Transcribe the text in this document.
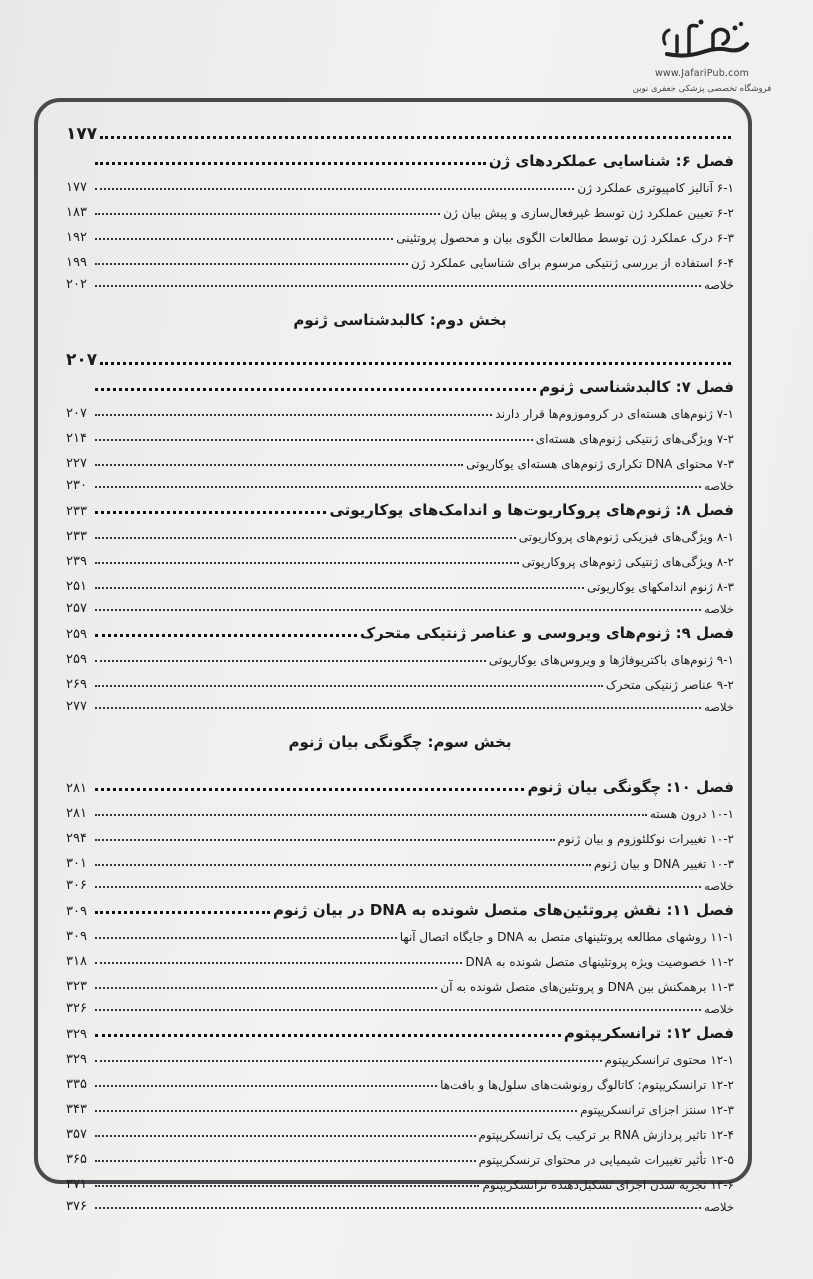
www.JafariPub.com
فروشگاه تخصصی پزشکی جعفری نوین
۱۷۷
فصل ۶: شناسایی عملکردهای ژن
۶-۱ آنالیز کامپیوتری عملکرد ژن
۱۷۷
۶-۲ تعیین عملکرد ژن توسط غیرفعال‌سازی و پیش بیان ژن
۱۸۳
۶-۳ درک عملکرد ژن توسط مطالعات الگوی بیان و محصول پروتئینی
۱۹۲
۶-۴ استفاده از بررسی ژنتیکی مرسوم برای شناسایی عملکرد ژن
۱۹۹
خلاصه
۲۰۲
بخش دوم: کالبدشناسی ژنوم
۲۰۷
فصل ۷: کالبدشناسی ژنوم
۷-۱ ژنوم‌های هسته‌ای در کروموزوم‌ها قرار دارند
۲۰۷
۷-۲ ویژگی‌های ژنتیکی ژنوم‌های هسته‌ای
۲۱۴
۷-۳ محتوای DNA تکراری ژنوم‌های هسته‌ای یوکاریوتی
۲۲۷
خلاصه
۲۳۰
فصل ۸: ژنوم‌های پروکاریوت‌ها و اندامک‌های یوکاریوتی
۲۳۳
۸-۱ ویژگی‌های فیزیکی ژنوم‌های پروکاریوتی
۲۳۳
۸-۲ ویژگی‌های ژنتیکی ژنوم‌های پروکاریوتی
۲۳۹
۸-۳ ژنوم اندامکهای یوکاریوتی
۲۵۱
خلاصه
۲۵۷
فصل ۹: ژنوم‌های ویروسی و عناصر ژنتیکی متحرک
۲۵۹
۹-۱ ژنوم‌های باکتریوفاژها و ویروس‌های یوکاریوتی
۲۵۹
۹-۲ عناصر ژنتیکی متحرک
۲۶۹
خلاصه
۲۷۷
بخش سوم: چگونگی بیان ژنوم
فصل ۱۰: چگونگی بیان ژنوم
۲۸۱
۱۰-۱ درون هسته
۲۸۱
۱۰-۲ تغییرات نوکلئوزوم و بیان ژنوم
۲۹۴
۱۰-۳ تغییر DNA و بیان ژنوم
۳۰۱
خلاصه
۳۰۶
فصل ۱۱: نقش پروتئین‌های متصل شونده به DNA در بیان ژنوم
۳۰۹
۱۱-۱ روشهای مطالعه پروتئینهای متصل به DNA و جایگاه اتصال آنها
۳۰۹
۱۱-۲ خصوصیت ویژه پروتئینهای متصل شونده به DNA
۳۱۸
۱۱-۳ برهمکنش بین DNA و پروتئین‌های متصل شونده به آن
۳۲۳
خلاصه
۳۲۶
فصل ۱۲: ترانسکریپتوم
۳۲۹
۱۲-۱ محتوی ترانسکریپتوم
۳۲۹
۱۲-۲ ترانسکریپتوم: کاتالوگ رونوشت‌های سلول‌ها و بافت‌ها
۳۳۵
۱۲-۳ سنتز اجزای ترانسکریپتوم
۳۴۳
۱۲-۴ تاثیر پردازش RNA بر ترکیب یک ترانسکریپتوم
۳۵۷
۱۲-۵ تأثیر تغییرات شیمیایی در محتوای ترنسکریپتوم
۳۶۵
۱۲-۶ تجزیه شدن اجزای تشکیل‌دهنده ترانسکریپتوم
۳۷۱
خلاصه
۳۷۶
